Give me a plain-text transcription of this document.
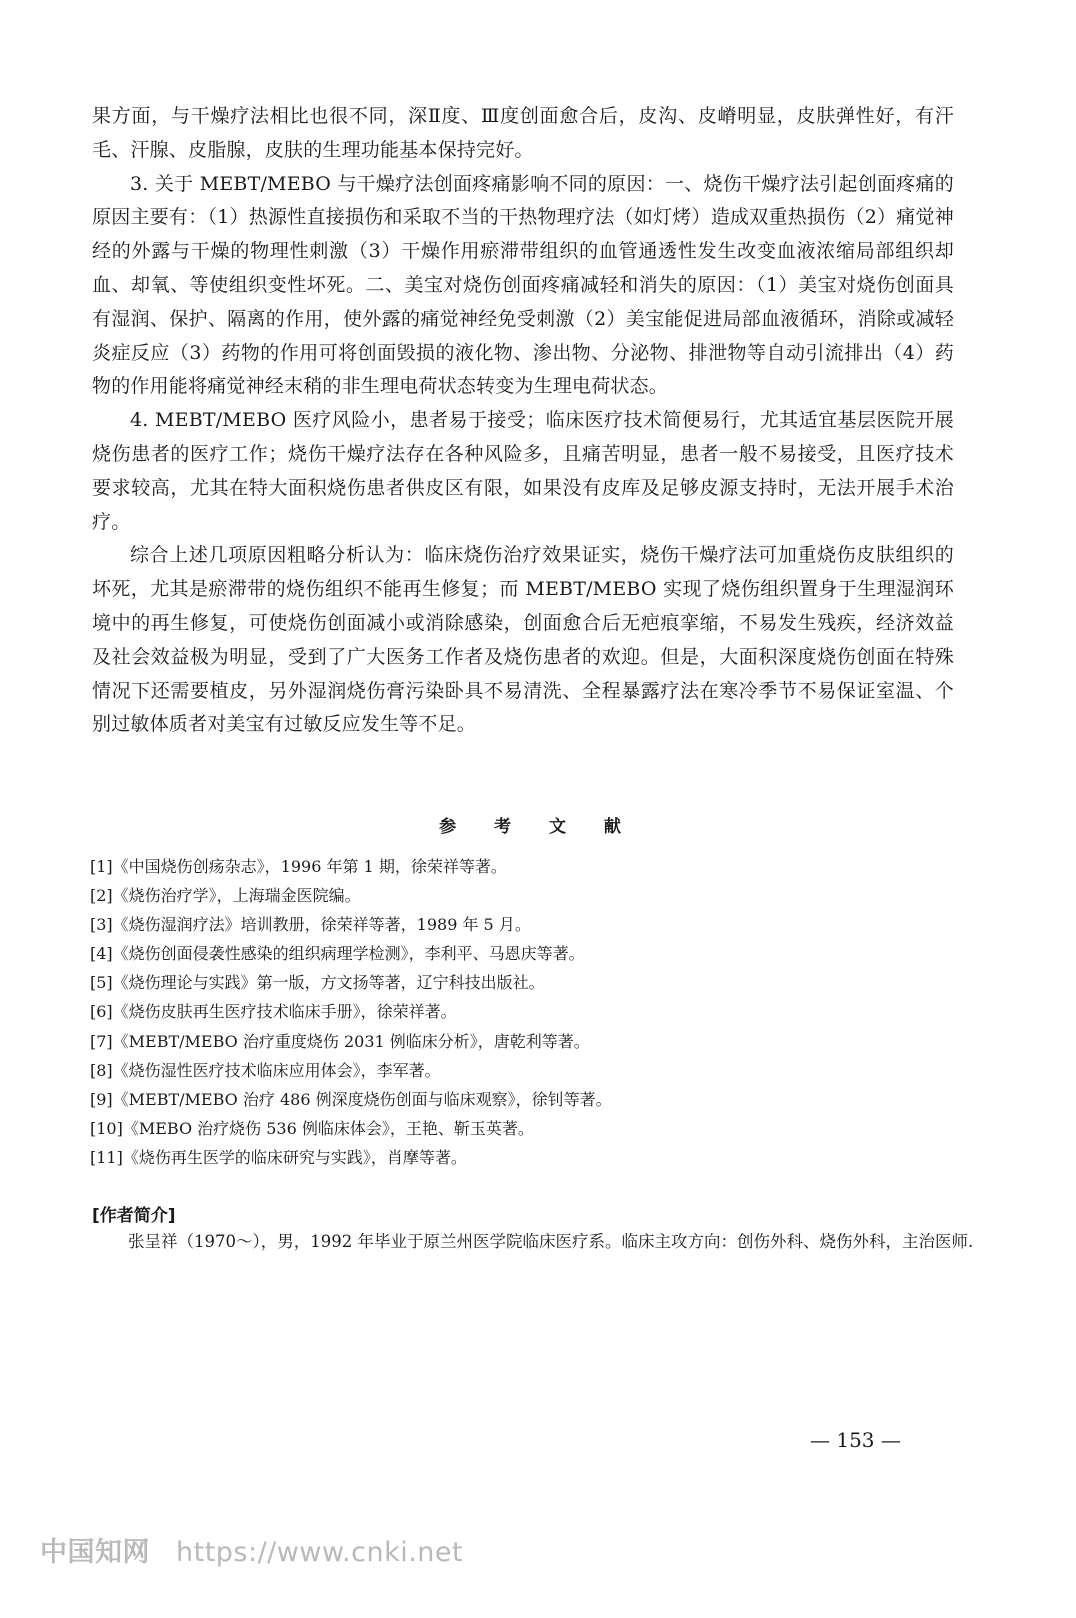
果方面，与干燥疗法相比也很不同，深Ⅱ度、Ⅲ度创面愈合后，皮沟、皮嵴明显，皮肤弹性好，有汗毛、汗腺、皮脂腺，皮肤的生理功能基本保持完好。

3. 关于 MEBT/MEBO 与干燥疗法创面疼痛影响不同的原因：一、烧伤干燥疗法引起创面疼痛的原因主要有：（1）热源性直接损伤和采取不当的干热物理疗法（如灯烤）造成双重热损伤（2）痛觉神经的外露与干燥的物理性刺激（3）干燥作用瘀滞带组织的血管通透性发生改变血液浓缩局部组织却血、却氧、等使组织变性坏死。二、美宝对烧伤创面疼痛减轻和消失的原因：（1）美宝对烧伤创面具有湿润、保护、隔离的作用，使外露的痛觉神经免受刺激（2）美宝能促进局部血液循环，消除或减轻炎症反应（3）药物的作用可将创面毁损的液化物、渗出物、分泌物、排泄物等自动引流排出（4）药物的作用能将痛觉神经末稍的非生理电荷状态转变为生理电荷状态。

4. MEBT/MEBO 医疗风险小，患者易于接受；临床医疗技术简便易行，尤其适宜基层医院开展烧伤患者的医疗工作；烧伤干燥疗法存在各种风险多，且痛苦明显，患者一般不易接受，且医疗技术要求较高，尤其在特大面积烧伤患者供皮区有限，如果没有皮库及足够皮源支持时，无法开展手术治疗。

综合上述几项原因粗略分析认为：临床烧伤治疗效果证实，烧伤干燥疗法可加重烧伤皮肤组织的坏死，尤其是瘀滞带的烧伤组织不能再生修复；而 MEBT/MEBO 实现了烧伤组织置身于生理湿润环境中的再生修复，可使烧伤创面减小或消除感染，创面愈合后无疤痕挛缩，不易发生残疾，经济效益及社会效益极为明显，受到了广大医务工作者及烧伤患者的欢迎。但是，大面积深度烧伤创面在特殊情况下还需要植皮，另外湿润烧伤膏污染卧具不易清洗、全程暴露疗法在寒冷季节不易保证室温、个别过敏体质者对美宝有过敏反应发生等不足。

参 考 文 献
[1]《中国烧伤创疡杂志》，1996 年第 1 期，徐荣祥等著。
[2]《烧伤治疗学》，上海瑞金医院编。
[3]《烧伤湿润疗法》培训教册，徐荣祥等著，1989 年 5 月。
[4]《烧伤创面侵袭性感染的组织病理学检测》，李利平、马恩庆等著。
[5]《烧伤理论与实践》第一版，方文扬等著，辽宁科技出版社。
[6]《烧伤皮肤再生医疗技术临床手册》，徐荣祥著。
[7]《MEBT/MEBO 治疗重度烧伤 2031 例临床分析》，唐乾利等著。
[8]《烧伤湿性医疗技术临床应用体会》，李军著。
[9]《MEBT/MEBO 治疗 486 例深度烧伤创面与临床观察》，徐钊等著。
[10]《MEBO 治疗烧伤 536 例临床体会》，王艳、靳玉英著。
[11]《烧伤再生医学的临床研究与实践》，肖摩等著。
[作者简介]
张呈祥（1970～），男，1992 年毕业于原兰州医学院临床医疗系。临床主攻方向：创伤外科、烧伤外科，主治医师.
— 153 —
中国知网 https://www.cnki.net
